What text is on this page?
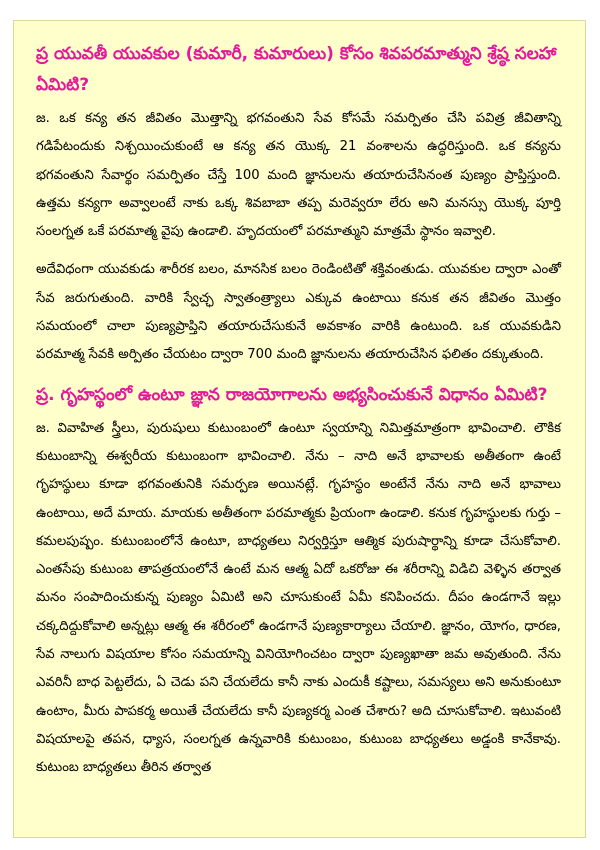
ప్ర యువతీ యువకుల (కుమారీ, కుమారులు) కోసం శివపరమాత్ముని శ్రేష్ఠ సలహా ఏమిటి?

జ. ఒక కన్య తన జీవితం మొత్తాన్ని భగవంతుని సేవ కోసమే సమర్పితం చేసి పవిత్ర జీవితాన్ని గడిపేటందుకు నిశ్చయించుకుంటే ఆ కన్య తన యొక్క 21 వంశాలను ఉద్ధరిస్తుంది. ఒక కన్యను భగవంతుని సేవార్థం సమర్పితం చేస్తే 100 మంది జ్ఞానులను తయారుచేసినంత పుణ్యం ప్రాప్తిస్తుంది. ఉత్తమ కన్యగా అవ్వాలంటే నాకు ఒక్క శివబాబా తప్ప మరెవ్వరూ లేరు అని మనస్సు యొక్క పూర్తి సంలగ్నత ఒకే పరమాత్మ వైపు ఉండాలి. హృదయంలో పరమాత్ముని మాత్రమే స్థానం ఇవ్వాలి.

అదేవిధంగా యువకుడు శారీరక బలం, మానసిక బలం రెండింటితో శక్తివంతుడు. యువకుల ద్వారా ఎంతో సేవ జరుగుతుంది. వారికి స్వేచ్ఛ స్వాతంత్ర్యాలు ఎక్కువ ఉంటాయి కనుక తన జీవితం మొత్తం సమయంలో చాలా పుణ్యప్రాప్తిని తయారుచేసుకునే అవకాశం వారికి ఉంటుంది. ఒక యువకుడిని పరమాత్మ సేవకి అర్పితం చేయటం ద్వారా 700 మంది జ్ఞానులను తయారుచేసిన ఫలితం దక్కుతుంది.

ప్ర. గృహస్థంలో ఉంటూ జ్ఞాన రాజయోగాలను అభ్యసించుకునే విధానం ఏమిటి?

జ. వివాహిత స్త్రీలు, పురుషులు కుటుంబంలో ఉంటూ స్వయాన్ని నిమిత్తమాత్రంగా భావించాలి. లౌకిక కుటుంబాన్ని ఈశ్వరీయ కుటుంబంగా భావించాలి. నేను – నాది అనే భావాలకు అతీతంగా ఉంటే గృహస్థులు కూడా భగవంతునికి సమర్పణ అయినట్లే. గృహస్థం అంటేనే నేను నాది అనే భావాలు ఉంటాయి, అదే మాయ. మాయకు అతీతంగా పరమాత్మకు ప్రియంగా ఉండాలి. కనుక గృహస్థులకు గుర్తు – కమలపుష్పం. కుటుంబంలోనే ఉంటూ, బాధ్యతలు నిర్వర్తిస్తూ ఆత్మిక పురుషార్థాన్ని కూడా చేసుకోవాలి. ఎంతసేపు కుటుంబ తాపత్రయంలోనే ఉంటే మన ఆత్మ ఏదో ఒకరోజు ఈ శరీరాన్ని విడిచి వెళ్ళిన తర్వాత మనం సంపాదించుకున్న పుణ్యం ఏమిటి అని చూసుకుంటే ఏమీ కనిపించదు. దీపం ఉండగానే ఇల్లు చక్కదిద్దుకోవాలి అన్నట్లు ఆత్మ ఈ శరీరంలో ఉండగానే పుణ్యకార్యాలు చేయాలి. జ్ఞానం, యోగం, ధారణ, సేవ నాలుగు విషయాల కోసం సమయాన్ని వినియోగించటం ద్వారా పుణ్యఖాతా జమ అవుతుంది. నేను ఎవరినీ బాధ పెట్టలేదు, ఏ చెడు పని చేయలేదు కానీ నాకు ఎందుకీ కష్టాలు, సమస్యలు అని అనుకుంటూ ఉంటాం, మీరు పాపకర్మ అయితే చేయలేదు కానీ పుణ్యకర్మ ఎంత చేశారు? అది చూసుకోవాలి. ఇటువంటి విషయాలపై తపన, ధ్యాస, సంలగ్నత ఉన్నవారికి కుటుంబం, కుటుంబ బాధ్యతలు అడ్డంకి కానేకావు. కుటుంబ బాధ్యతలు తీరిన తర్వాత
